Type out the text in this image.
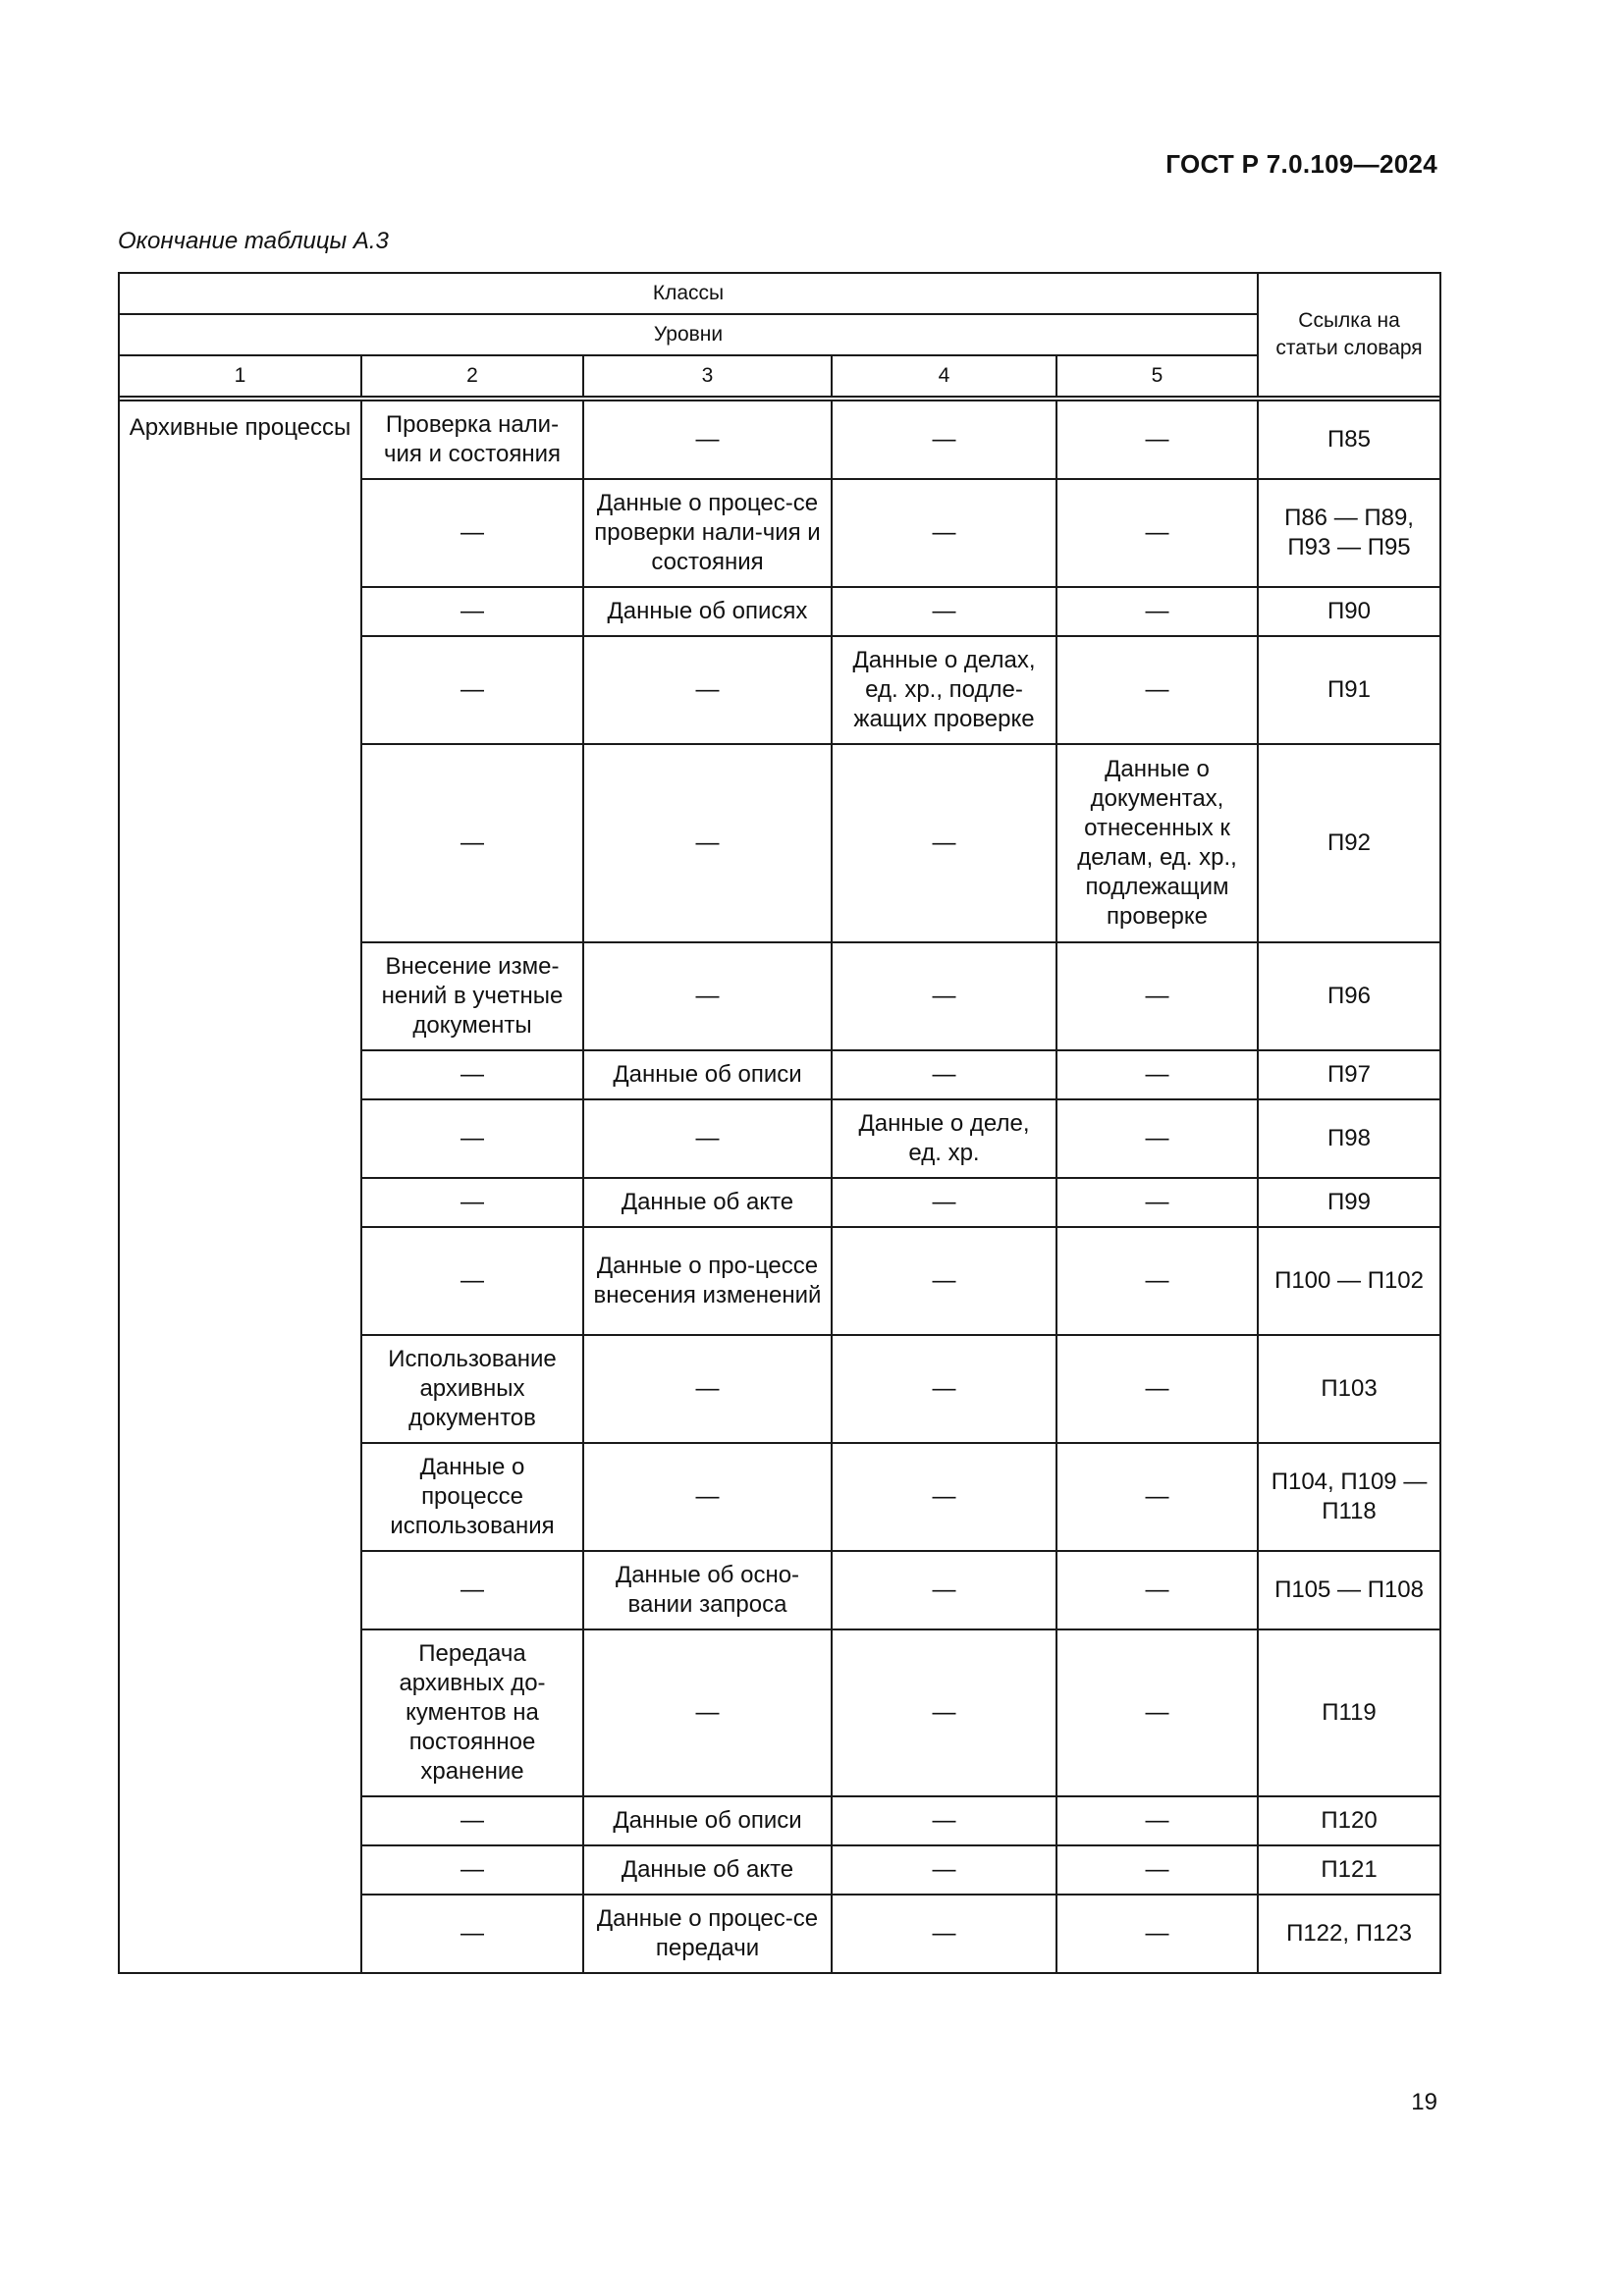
ГОСТ Р 7.0.109—2024
Окончание таблицы А.3
Классы					Ссылка на статьи словаря
Уровни					
1	2	3	4	5	

Архивные процессы	Проверка нали-чия и состояния	—	—	—	П85
	—	Данные о процес-се проверки нали-чия и состояния	—	—	П86 — П89, П93 — П95
	—	Данные об описях	—	—	П90
	—	—	Данные о делах, ед. хр., подле-жащих проверке	—	П91
	—	—	—	Данные о документах, отнесенных к делам, ед. хр., подлежащим проверке	П92
	Внесение изме-нений в учетные документы	—	—	—	П96
	—	Данные об описи	—	—	П97
	—	—	Данные о деле, ед. хр.	—	П98
	—	Данные об акте	—	—	П99
	—	Данные о про-цессе внесения изменений	—	—	П100 — П102
	Использование архивных документов	—	—	—	П103
	Данные о процессе использования	—	—	—	П104, П109 — П118
	—	Данные об осно-вании запроса	—	—	П105 — П108
	Передача архивных до-кументов на постоянное хранение	—	—	—	П119
	—	Данные об описи	—	—	П120
	—	Данные об акте	—	—	П121
	—	Данные о процес-се передачи	—	—	П122, П123
19
